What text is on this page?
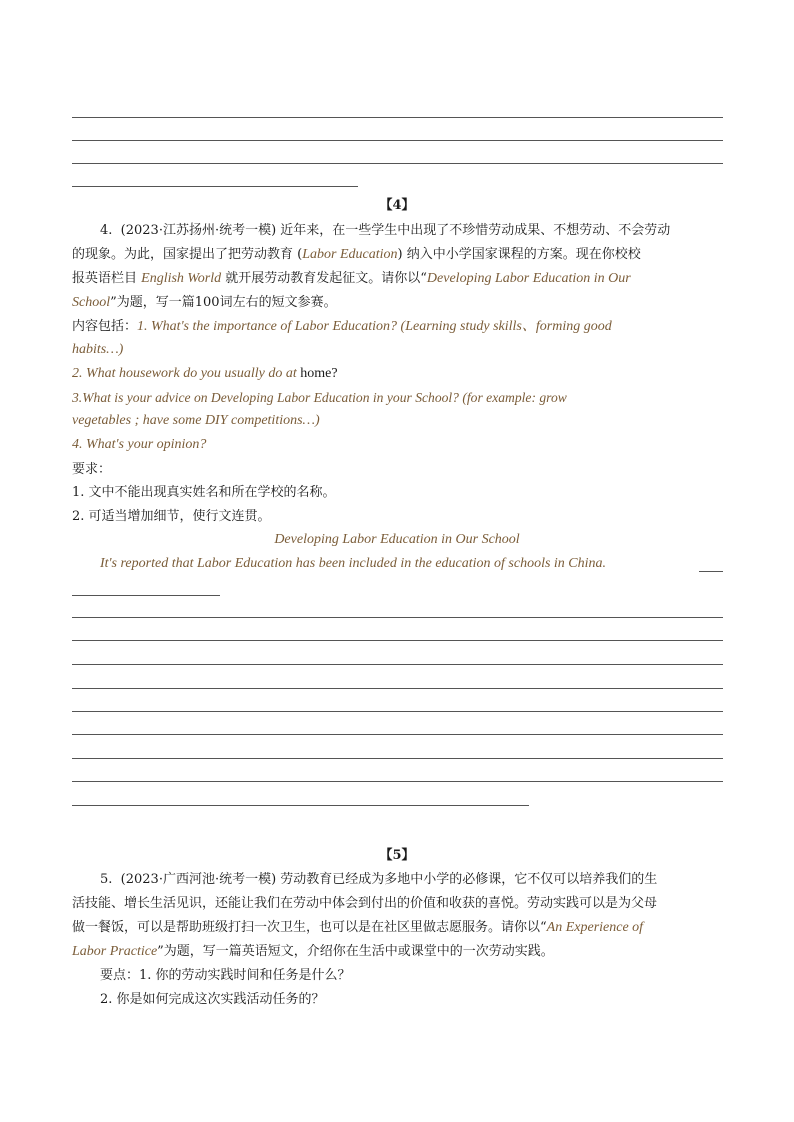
【4】
4.  (2023·江苏扬州·统考一模) 近年来，在一些学生中出现了不珍惜劳动成果、不想劳动、不会劳动
的现象。为此，国家提出了把劳动教育 (Labor Education) 纳入中小学国家课程的方案。现在你校校
报英语栏目 English World 就开展劳动教育发起征文。请你以“Developing Labor Education in Our
School”为题，写一篇100词左右的短文参赛。
内容包括：1. What's the importance of Labor Education? (Learning study skills、forming good
habits…)
2. What housework do you usually do at home?
3.What is your advice on Developing Labor Education in your School? (for example: grow
vegetables ; have some DIY competitions…)
4. What's your opinion?
要求：
1. 文中不能出现真实姓名和所在学校的名称。
2. 可适当增加细节，使行文连贯。
Developing Labor Education in Our School
It's reported that Labor Education has been included in the education of schools in China.
【5】
5.  (2023·广西河池·统考一模) 劳动教育已经成为多地中小学的必修课，它不仅可以培养我们的生
活技能、增长生活见识，还能让我们在劳动中体会到付出的价值和收获的喜悦。劳动实践可以是为父母
做一餐饭，可以是帮助班级打扫一次卫生，也可以是在社区里做志愿服务。请你以“An Experience of
Labor Practice”为题，写一篇英语短文，介绍你在生活中或课堂中的一次劳动实践。
要点：1. 你的劳动实践时间和任务是什么？
2. 你是如何完成这次实践活动任务的？
